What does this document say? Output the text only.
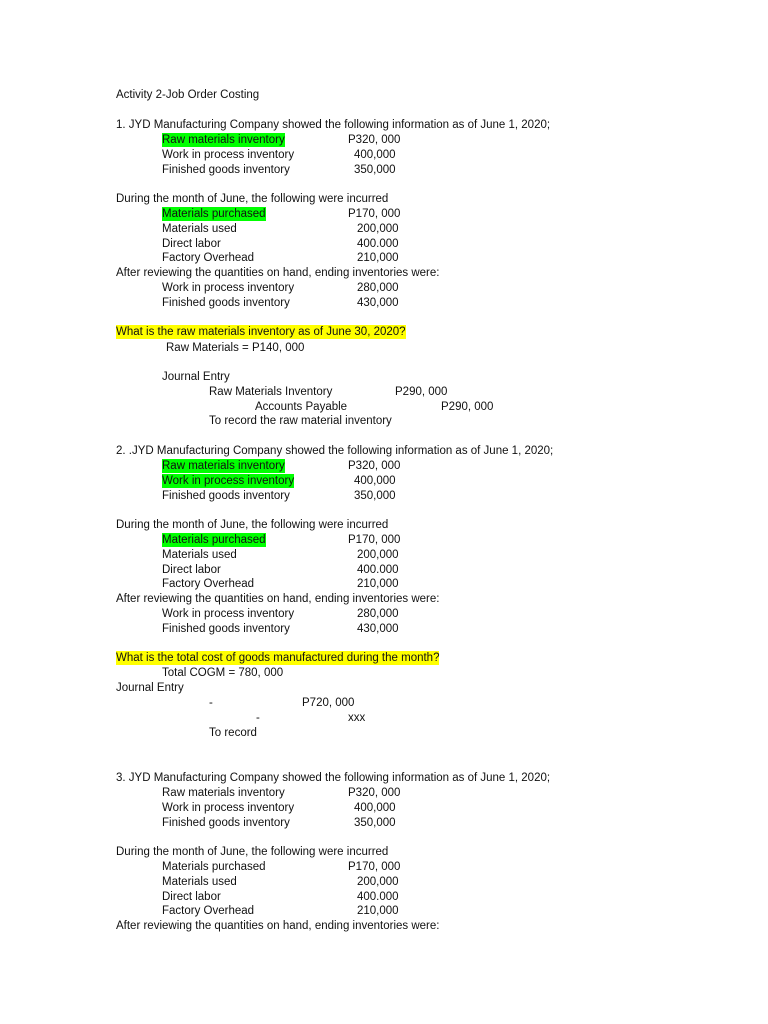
Activity 2-Job Order Costing
1. JYD Manufacturing Company showed the following information as of June 1, 2020;
Raw materials inventory	P320, 000
Work in process inventory	400,000
Finished goods inventory	350,000
During the month of June, the following were incurred
Materials purchased	P170, 000
Materials used	200,000
Direct labor	400.000
Factory Overhead	210,000
After reviewing the quantities on hand, ending inventories were:
Work in process inventory	280,000
Finished goods inventory	430,000
What is the raw materials inventory as of June 30, 2020?
Raw Materials = P140, 000
Journal Entry
Raw Materials Inventory	P290, 000
Accounts Payable	P290, 000
To record the raw material inventory
2. .JYD Manufacturing Company showed the following information as of June 1, 2020;
Raw materials inventory	P320, 000
Work in process inventory	400,000
Finished goods inventory	350,000
During the month of June, the following were incurred
Materials purchased	P170, 000
Materials used	200,000
Direct labor	400.000
Factory Overhead	210,000
After reviewing the quantities on hand, ending inventories were:
Work in process inventory	280,000
Finished goods inventory	430,000
What is the total cost of goods manufactured during the month?
Total COGM = 780, 000
Journal Entry
-	P720, 000
-	xxx
To record
3. JYD Manufacturing Company showed the following information as of June 1, 2020;
Raw materials inventory	P320, 000
Work in process inventory	400,000
Finished goods inventory	350,000
During the month of June, the following were incurred
Materials purchased	P170, 000
Materials used	200,000
Direct labor	400.000
Factory Overhead	210,000
After reviewing the quantities on hand, ending inventories were:
